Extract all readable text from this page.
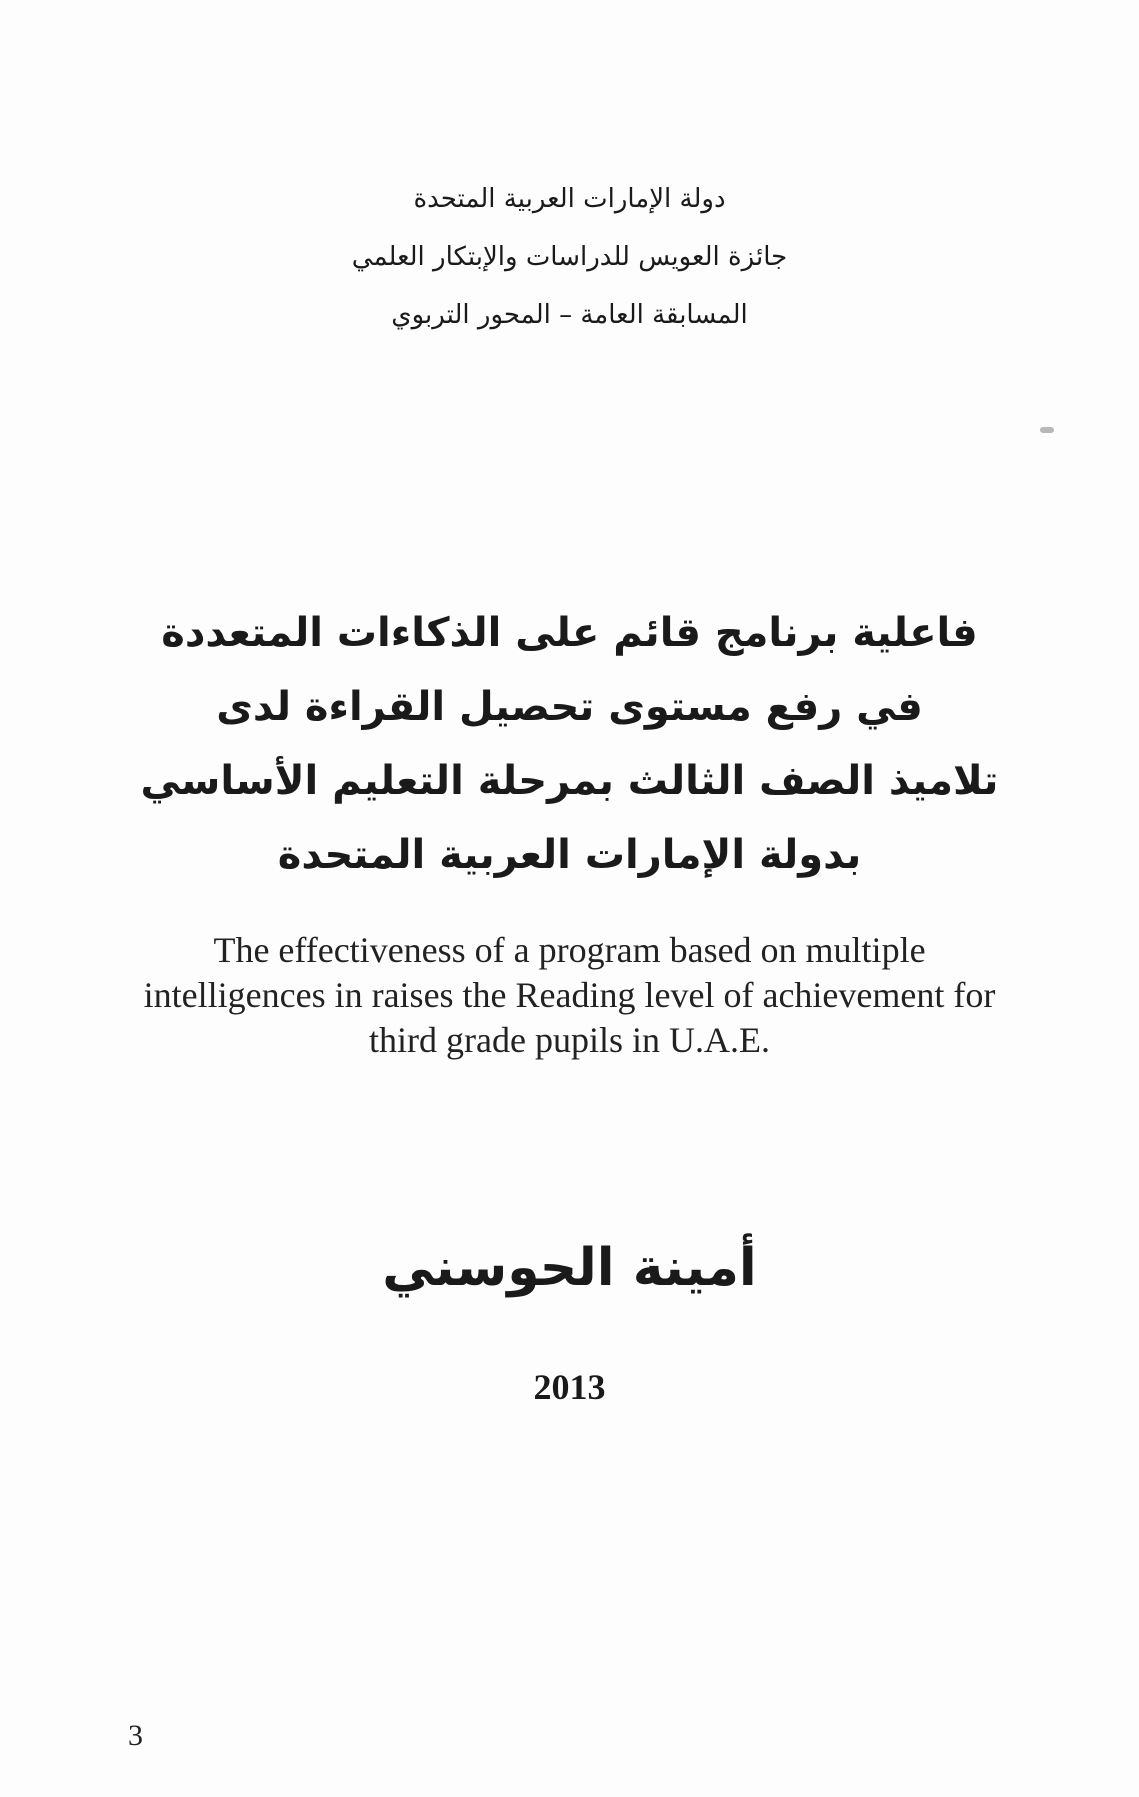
دولة الإمارات العربية المتحدة
جائزة العويس للدراسات والإبتكار العلمي
المسابقة العامة – المحور التربوي
فاعلية برنامج قائم على الذكاءات المتعددة
في رفع مستوى تحصيل القراءة لدى
تلاميذ الصف الثالث بمرحلة التعليم الأساسي
بدولة الإمارات العربية المتحدة
The effectiveness of a program based on multiple
intelligences in raises the Reading level of achievement for
third grade pupils in U.A.E.
أمينة الحوسني
2013
3
